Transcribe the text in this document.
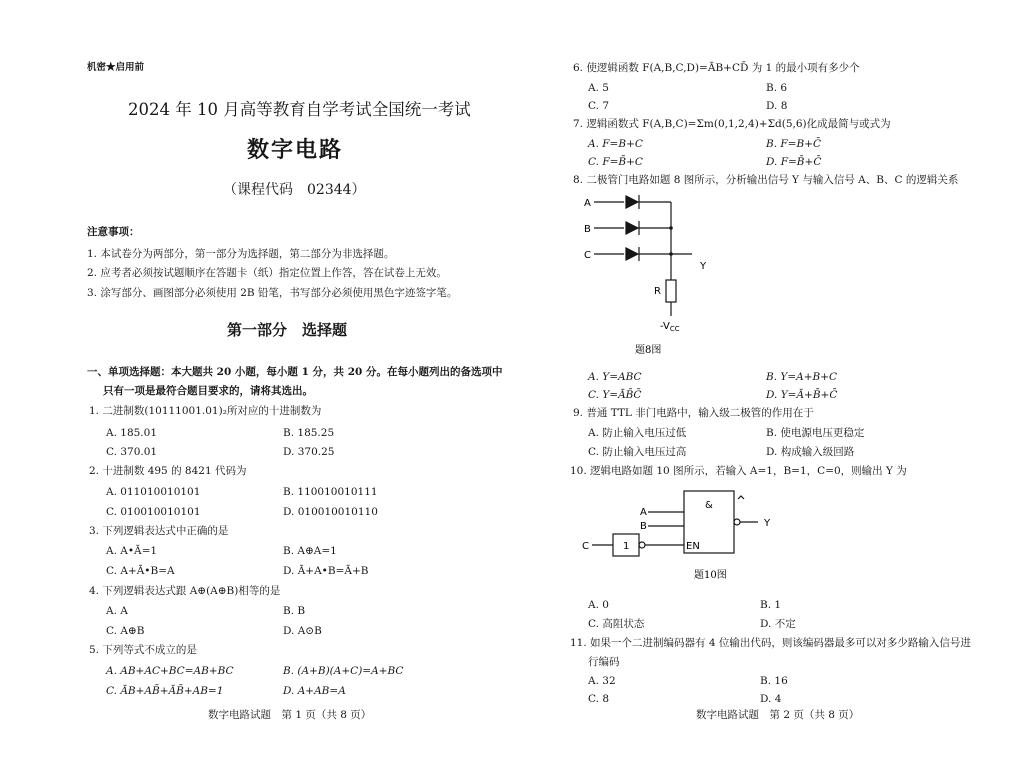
机密★启用前
2024 年 10 月高等教育自学考试全国统一考试
数字电路
（课程代码　02344）
注意事项：
1. 本试卷分为两部分，第一部分为选择题，第二部分为非选择题。
2. 应考者必须按试题顺序在答题卡（纸）指定位置上作答，答在试卷上无效。
3. 涂写部分、画图部分必须使用 2B 铅笔，书写部分必须使用黑色字迹签字笔。
第一部分　选择题
一、单项选择题：本大题共 20 小题，每小题 1 分，共 20 分。在每小题列出的备选项中
只有一项是最符合题目要求的，请将其选出。
1. 二进制数(10111001.01)₂所对应的十进制数为
A. 185.01	B. 185.25
C. 370.01	D. 370.25
2. 十进制数 495 的 8421 代码为
A. 011010010101	B. 110010010111
C. 010010010101	D. 010010010110
3. 下列逻辑表达式中正确的是
A. A•Ā=1	B. A⊕A=1
C. A+Ā•B=A	D. Ā+A•B=Ā+B
4. 下列逻辑表达式跟 A⊕(A⊕B)相等的是
A. A	B. B
C. A⊕B	D. A⊙B
5. 下列等式不成立的是
A. AB+AC+BC=AB+BC	B. (A+B)(A+C)=A+BC
C. ĀB+AB̄+ĀB̄+AB=1	D. A+AB=A
数字电路试题　第 1 页（共 8 页）
6. 使逻辑函数 F(A,B,C,D)=ĀB+CD̄ 为 1 的最小项有多少个
A. 5	B. 6
C. 7	D. 8
7. 逻辑函数式 F(A,B,C)=Σm(0,1,2,4)+Σd(5,6)化成最简与或式为
A. F=B+C	B. F=B+C̄
C. F=B̄+C	D. F=B̄+C̄
8. 二极管门电路如题 8 图所示，分析输出信号 Y 与输入信号 A、B、C 的逻辑关系
A
B
C
Y
R
$-V_{CC}$
题8图
A. Y=ABC	B. Y=A+B+C
C. Y=ĀB̄C̄	D. Y=Ā+B̄+C̄
9. 普通 TTL 非门电路中，输入级二极管的作用在于
A. 防止输入电压过低	B. 使电源电压更稳定
C. 防止输入电压过高	D. 构成输入级回路
10. 逻辑电路如题 10 图所示，若输入 A=1，B=1，C=0，则输出 Y 为
&
EN
1
A
B
C
Y
题10图
A. 0	B. 1
C. 高阻状态	D. 不定
11. 如果一个二进制编码器有 4 位输出代码，则该编码器最多可以对多少路输入信号进
行编码
A. 32	B. 16
C. 8	D. 4
数字电路试题　第 2 页（共 8 页）
